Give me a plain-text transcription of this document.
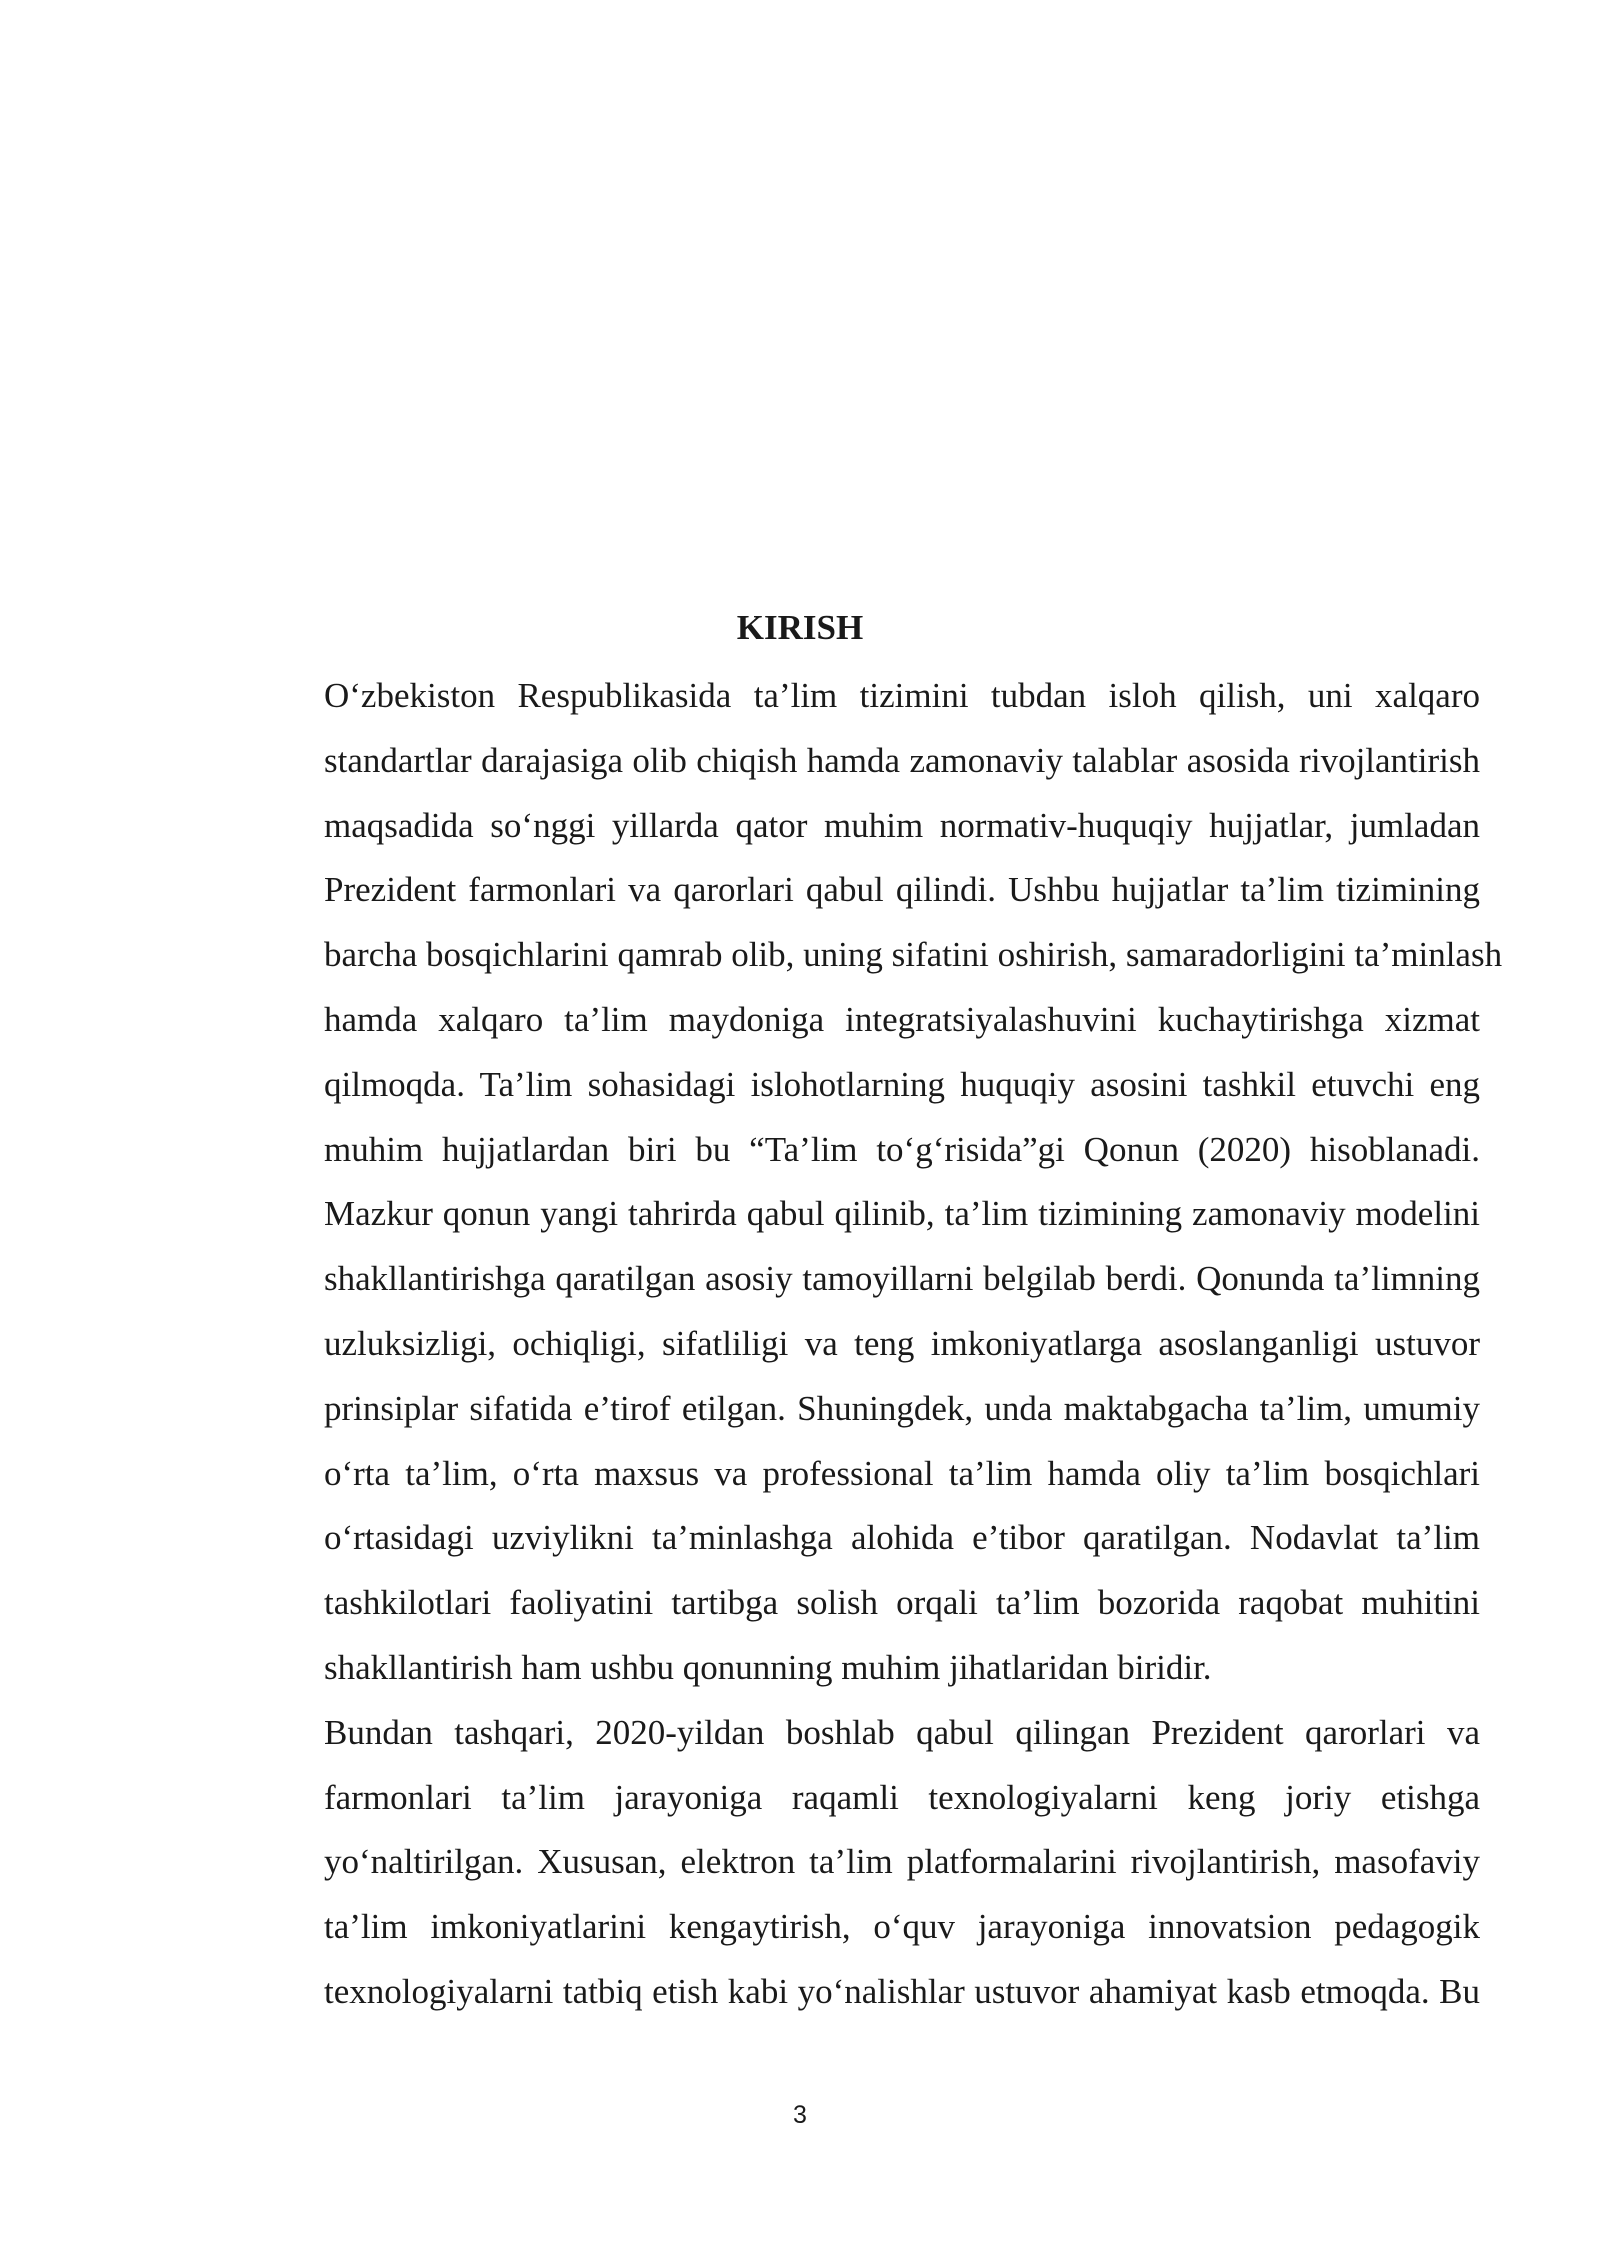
KIRISH

O‘zbekiston Respublikasida ta’lim tizimini tubdan isloh qilish, uni xalqaro
standartlar darajasiga olib chiqish hamda zamonaviy talablar asosida rivojlantirish
maqsadida so‘nggi yillarda qator muhim normativ-huquqiy hujjatlar, jumladan
Prezident farmonlari va qarorlari qabul qilindi. Ushbu hujjatlar ta’lim tizimining
barcha bosqichlarini qamrab olib, uning sifatini oshirish, samaradorligini ta’minlash
hamda xalqaro ta’lim maydoniga integratsiyalashuvini kuchaytirishga xizmat
qilmoqda. Ta’lim sohasidagi islohotlarning huquqiy asosini tashkil etuvchi eng
muhim hujjatlardan biri bu “Ta’lim to‘g‘risida”gi Qonun (2020) hisoblanadi.
Mazkur qonun yangi tahrirda qabul qilinib, ta’lim tizimining zamonaviy modelini
shakllantirishga qaratilgan asosiy tamoyillarni belgilab berdi. Qonunda ta’limning
uzluksizligi, ochiqligi, sifatliligi va teng imkoniyatlarga asoslanganligi ustuvor
prinsiplar sifatida e’tirof etilgan. Shuningdek, unda maktabgacha ta’lim, umumiy
o‘rta ta’lim, o‘rta maxsus va professional ta’lim hamda oliy ta’lim bosqichlari
o‘rtasidagi uzviylikni ta’minlashga alohida e’tibor qaratilgan. Nodavlat ta’lim
tashkilotlari faoliyatini tartibga solish orqali ta’lim bozorida raqobat muhitini
shakllantirish ham ushbu qonunning muhim jihatlaridan biridir.

Bundan tashqari, 2020-yildan boshlab qabul qilingan Prezident qarorlari va
farmonlari ta’lim jarayoniga raqamli texnologiyalarni keng joriy etishga
yo‘naltirilgan. Xususan, elektron ta’lim platformalarini rivojlantirish, masofaviy
ta’lim imkoniyatlarini kengaytirish, o‘quv jarayoniga innovatsion pedagogik
texnologiyalarni tatbiq etish kabi yo‘nalishlar ustuvor ahamiyat kasb etmoqda. Bu

3
